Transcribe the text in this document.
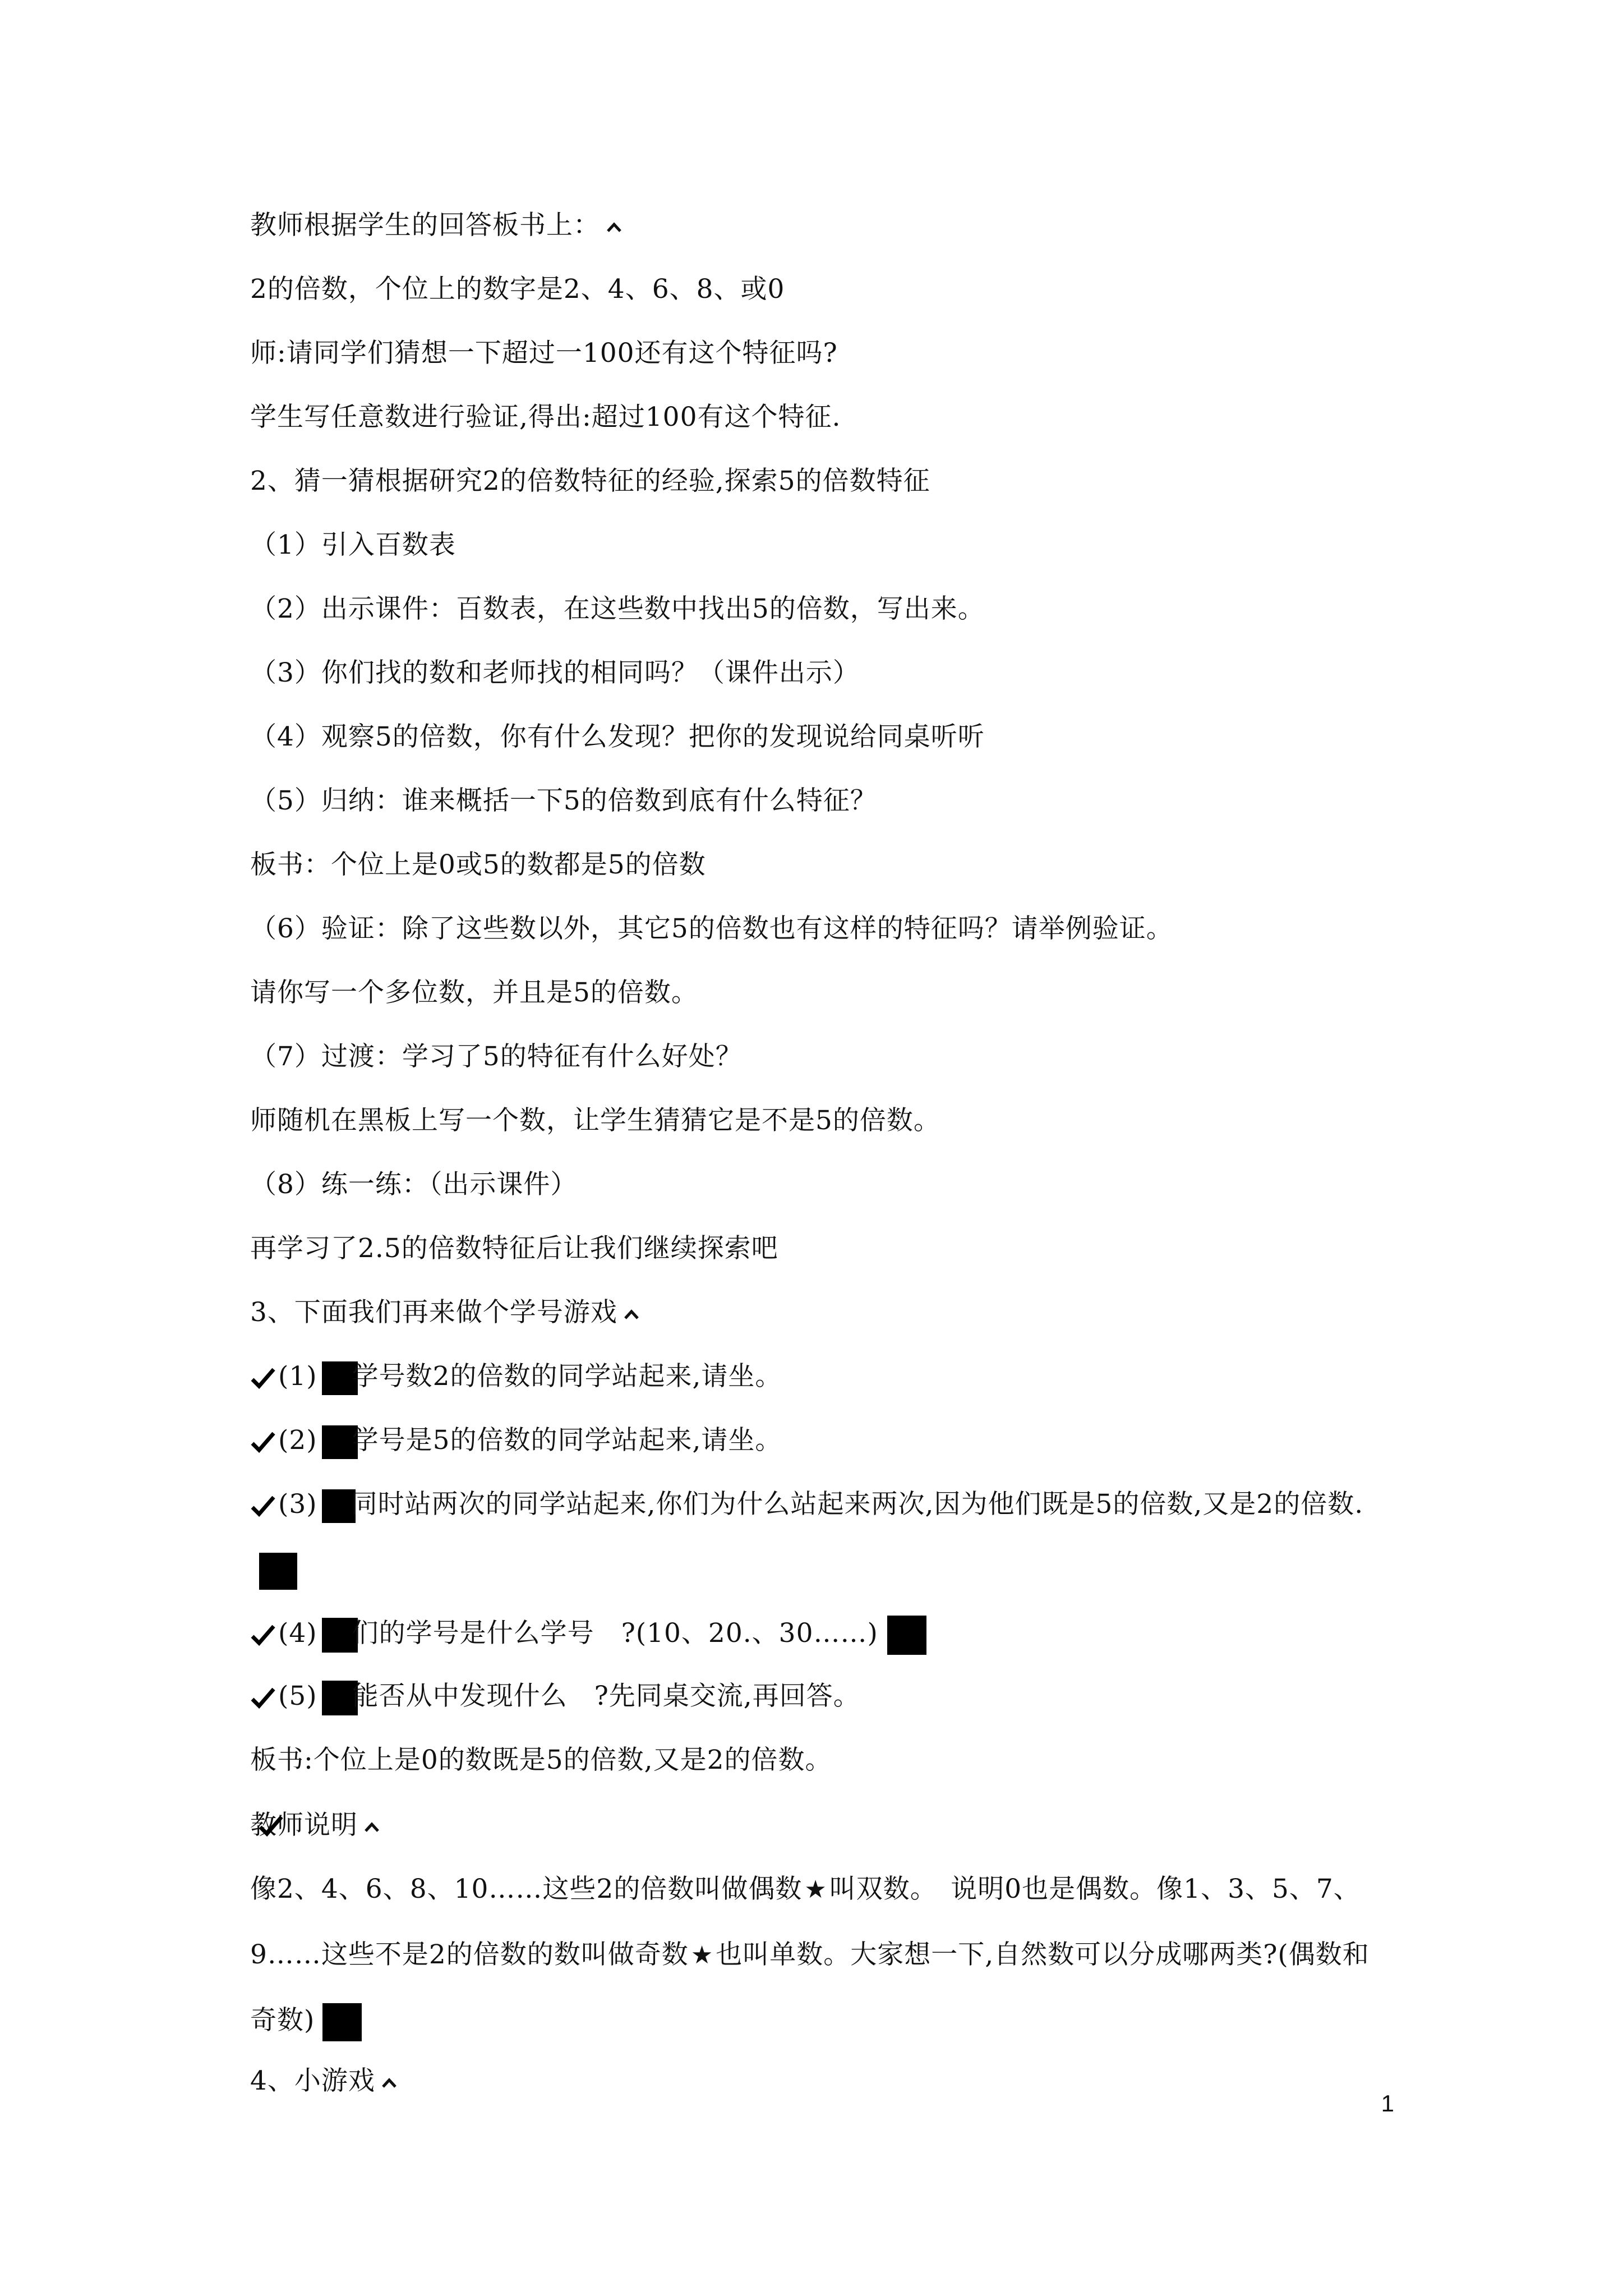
教师根据学生的回答板书上：
2的倍数，个位上的数字是2、4、6、8、或0
师:请同学们猜想一下超过一100还有这个特征吗?
学生写任意数进行验证,得出:超过100有这个特征.
2、猜一猜根据研究2的倍数特征的经验,探索5的倍数特征
（1）引入百数表
（2）出示课件：百数表，在这些数中找出5的倍数，写出来。
（3）你们找的数和老师找的相同吗？（课件出示）
（4）观察5的倍数，你有什么发现？把你的发现说给同桌听听
（5）归纳：谁来概括一下5的倍数到底有什么特征？
板书：个位上是0或5的数都是5的倍数
（6）验证：除了这些数以外，其它5的倍数也有这样的特征吗？请举例验证。
请你写一个多位数，并且是5的倍数。
（7）过渡：学习了5的特征有什么好处？
师随机在黑板上写一个数，让学生猜猜它是不是5的倍数。
（8）练一练：（出示课件）
再学习了2.5的倍数特征后让我们继续探索吧
3、下面我们再来做个学号游戏
(1) 学号数2的倍数的同学站起来,请坐。
(2) 学号是5的倍数的同学站起来,请坐。
(3) 同时站两次的同学站起来,你们为什么站起来两次,因为他们既是5的倍数,又是2的倍数.
(4) 们的学号是什么学号　?(10、20.、30……)
(5) 能否从中发现什么　?先同桌交流,再回答。
板书:个位上是0的数既是5的倍数,又是2的倍数。
教师说明
像2、4、6、8、10……这些2的倍数叫做偶数★叫双数。　说明0也是偶数。像1、3、5、7、9……这些不是2的倍数的数叫做奇数★也叫单数。大家想一下,自然数可以分成哪两类?(偶数和奇数)
4、小游戏
1
